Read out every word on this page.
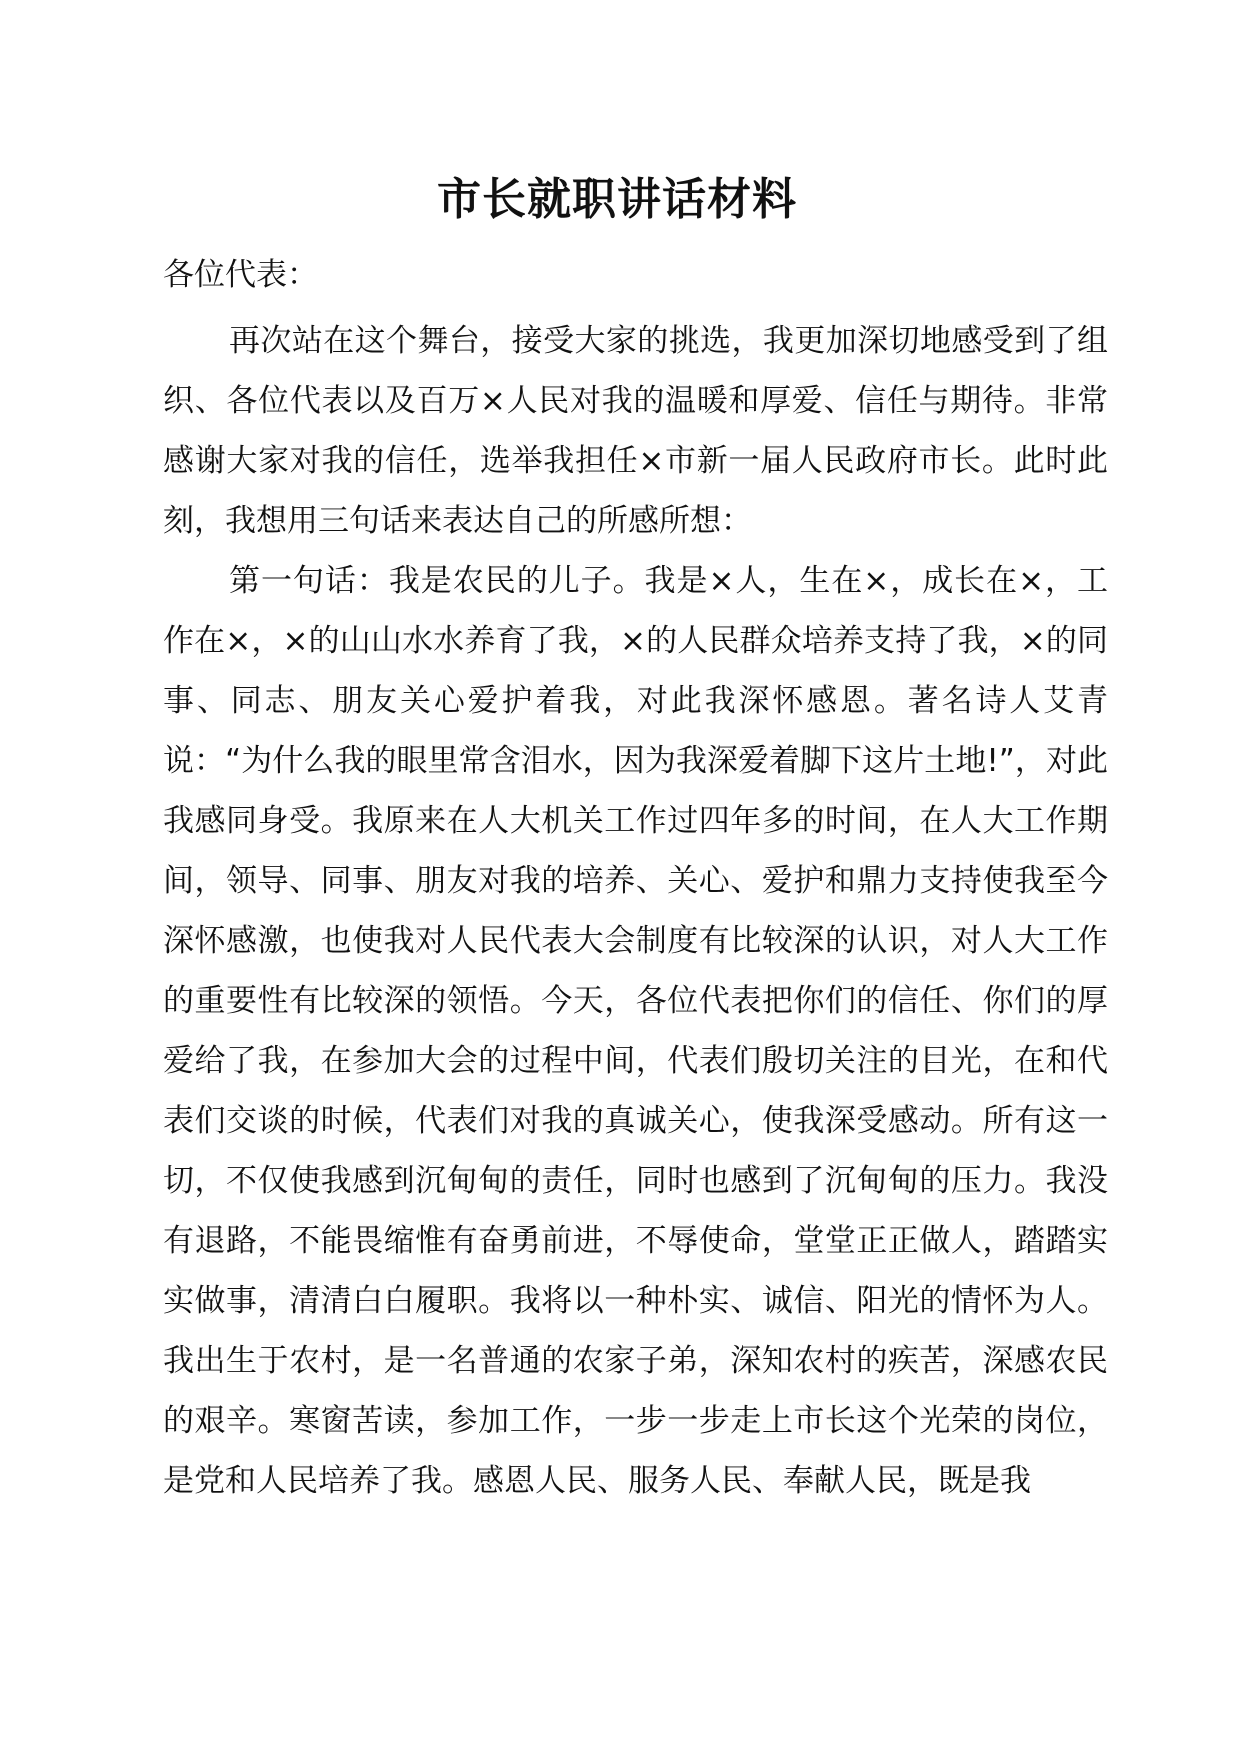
市长就职讲话材料
各位代表：

再次站在这个舞台，接受大家的挑选，我更加深切地感受到了组织、各位代表以及百万×人民对我的温暖和厚爱、信任与期待。非常感谢大家对我的信任，选举我担任×市新一届人民政府市长。此时此刻，我想用三句话来表达自己的所感所想：

第一句话：我是农民的儿子。我是×人，生在×，成长在×，工作在×，×的山山水水养育了我，×的人民群众培养支持了我，×的同事、同志、朋友关心爱护着我，对此我深怀感恩。著名诗人艾青说：“为什么我的眼里常含泪水，因为我深爱着脚下这片土地!”，对此我感同身受。我原来在人大机关工作过四年多的时间，在人大工作期间，领导、同事、朋友对我的培养、关心、爱护和鼎力支持使我至今深怀感激，也使我对人民代表大会制度有比较深的认识，对人大工作的重要性有比较深的领悟。今天，各位代表把你们的信任、你们的厚爱给了我，在参加大会的过程中间，代表们殷切关注的目光，在和代表们交谈的时候，代表们对我的真诚关心，使我深受感动。所有这一切，不仅使我感到沉甸甸的责任，同时也感到了沉甸甸的压力。我没有退路，不能畏缩惟有奋勇前进，不辱使命，堂堂正正做人，踏踏实实做事，清清白白履职。我将以一种朴实、诚信、阳光的情怀为人。我出生于农村，是一名普通的农家子弟，深知农村的疾苦，深感农民的艰辛。寒窗苦读，参加工作，一步一步走上市长这个光荣的岗位，是党和人民培养了我。感恩人民、服务人民、奉献人民，既是我
